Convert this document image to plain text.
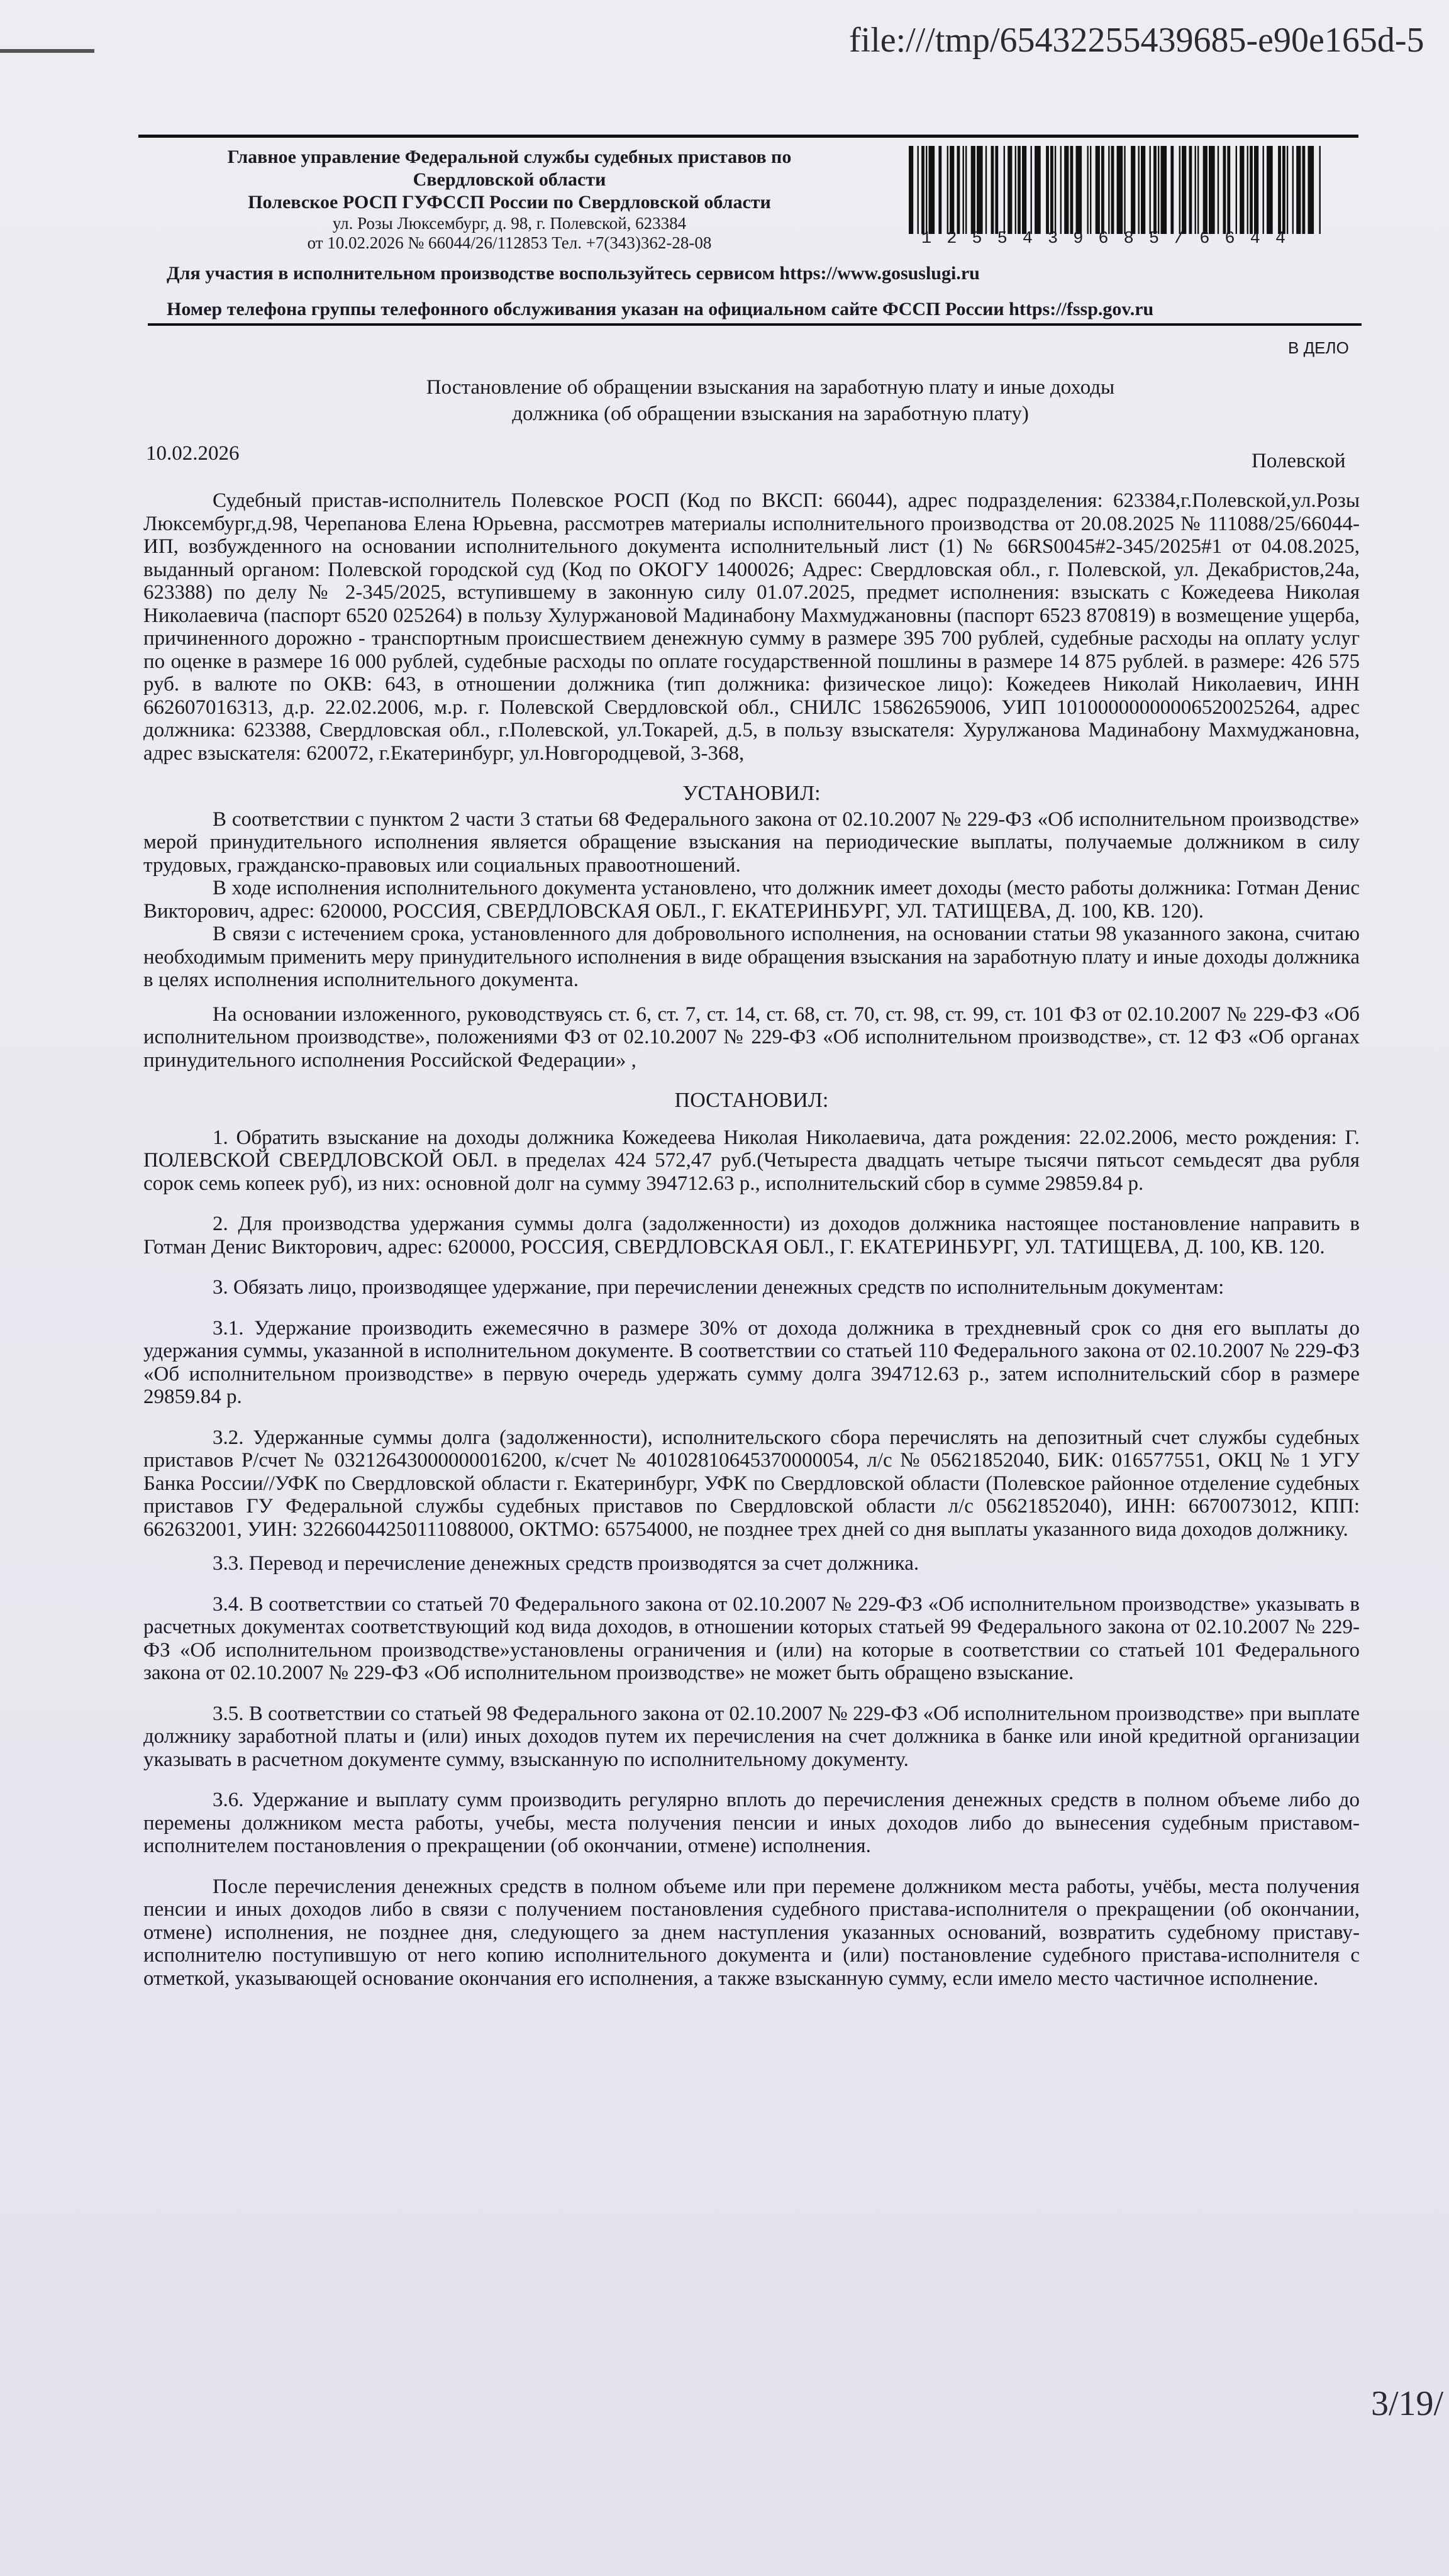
file:///tmp/65432255439685-e90e165d-5
Главное управление Федеральной службы судебных приставов по
Свердловской области
Полевское РОСП ГУФССП России по Свердловской области
ул. Розы Люксембург, д. 98, г. Полевской, 623384
от 10.02.2026 № 66044/26/112853 Тел. +7(343)362-28-08	1255439685/6644
Для участия в исполнительном производстве воспользуйтесь сервисом https://www.gosuslugi.ru
Номер телефона группы телефонного обслуживания указан на официальном сайте ФССП России https://fssp.gov.ru
В ДЕЛО
Постановление об обращении взыскания на заработную плату и иные доходы
должника (об обращении взыскания на заработную плату)
10.02.2026	Полевской

Судебный пристав-исполнитель Полевское РОСП (Код по ВКСП: 66044), адрес подразделения: 623384,г.Полевской,ул.Розы Люксембург,д.98, Черепанова Елена Юрьевна, рассмотрев материалы исполнительного производства от 20.08.2025 № 111088/25/66044-ИП, возбужденного на основании исполнительного документа исполнительный лист (1) № 66RS0045#2-345/2025#1 от 04.08.2025, выданный органом: Полевской городской суд (Код по ОКОГУ 1400026; Адрес: Свердловская обл., г. Полевской, ул. Декабристов,24а, 623388) по делу № 2-345/2025, вступившему в законную силу 01.07.2025, предмет исполнения: взыскать с Кожедеева Николая Николаевича (паспорт 6520 025264) в пользу Хулуржановой Мадинабону Махмуджановны (паспорт 6523 870819) в возмещение ущерба, причиненного дорожно - транспортным происшествием денежную сумму в размере 395 700 рублей, судебные расходы на оплату услуг по оценке в размере 16 000 рублей, судебные расходы по оплате государственной пошлины в размере 14 875 рублей. в размере: 426 575 руб. в валюте по ОКВ: 643, в отношении должника (тип должника: физическое лицо): Кожедеев Николай Николаевич, ИНН 662607016313, д.р. 22.02.2006, м.р. г. Полевской Свердловской обл., СНИЛС 15862659006, УИП 10100000000006520025264, адрес должника: 623388, Свердловская обл., г.Полевской, ул.Токарей, д.5, в пользу взыскателя: Хурулжанова Мадинабону Махмуджановна, адрес взыскателя: 620072, г.Екатеринбург, ул.Новгородцевой, 3-368,

УСТАНОВИЛ:

В соответствии с пунктом 2 части 3 статьи 68 Федерального закона от 02.10.2007 № 229-ФЗ «Об исполнительном производстве» мерой принудительного исполнения является обращение взыскания на периодические выплаты, получаемые должником в силу трудовых, гражданско-правовых или социальных правоотношений.

В ходе исполнения исполнительного документа установлено, что должник имеет доходы (место работы должника: Готман Денис Викторович, адрес: 620000, РОССИЯ, СВЕРДЛОВСКАЯ ОБЛ., Г. ЕКАТЕРИНБУРГ, УЛ. ТАТИЩЕВА, Д. 100, КВ. 120).

В связи с истечением срока, установленного для добровольного исполнения, на основании статьи 98 указанного закона, считаю необходимым применить меру принудительного исполнения в виде обращения взыскания на заработную плату и иные доходы должника в целях исполнения исполнительного документа.

На основании изложенного, руководствуясь ст. 6, ст. 7, ст. 14, ст. 68, ст. 70, ст. 98, ст. 99, ст. 101 ФЗ от 02.10.2007 № 229-ФЗ «Об исполнительном производстве», положениями ФЗ от 02.10.2007 № 229-ФЗ «Об исполнительном производстве», ст. 12 ФЗ «Об органах принудительного исполнения Российской Федерации» ,

ПОСТАНОВИЛ:

1. Обратить взыскание на доходы должника Кожедеева Николая Николаевича, дата рождения: 22.02.2006, место рождения: Г. ПОЛЕВСКОЙ СВЕРДЛОВСКОЙ ОБЛ. в пределах 424 572,47 руб.(Четыреста двадцать четыре тысячи пятьсот семьдесят два рубля сорок семь копеек руб), из них: основной долг на сумму 394712.63 р., исполнительский сбор в сумме 29859.84 р.

2. Для производства удержания суммы долга (задолженности) из доходов должника настоящее постановление направить в Готман Денис Викторович, адрес: 620000, РОССИЯ, СВЕРДЛОВСКАЯ ОБЛ., Г. ЕКАТЕРИНБУРГ, УЛ. ТАТИЩЕВА, Д. 100, КВ. 120.

3. Обязать лицо, производящее удержание, при перечислении денежных средств по исполнительным документам:

3.1. Удержание производить ежемесячно в размере 30% от дохода должника в трехдневный срок со дня его выплаты до удержания суммы, указанной в исполнительном документе. В соответствии со статьей 110 Федерального закона от 02.10.2007 № 229-ФЗ «Об исполнительном производстве» в первую очередь удержать сумму долга 394712.63 р., затем исполнительский сбор в размере 29859.84 р.

3.2. Удержанные суммы долга (задолженности), исполнительского сбора перечислять на депозитный счет службы судебных приставов Р/счет № 03212643000000016200, к/счет № 40102810645370000054, л/с № 05621852040, БИК: 016577551, ОКЦ № 1 УГУ Банка России//УФК по Свердловской области г. Екатеринбург, УФК по Свердловской области (Полевское районное отделение судебных приставов ГУ Федеральной службы судебных приставов по Свердловской области л/с 05621852040), ИНН: 6670073012, КПП: 662632001, УИН: 32266044250111088000, ОКТМО: 65754000, не позднее трех дней со дня выплаты указанного вида доходов должнику.

3.3. Перевод и перечисление денежных средств производятся за счет должника.

3.4. В соответствии со статьей 70 Федерального закона от 02.10.2007 № 229-ФЗ «Об исполнительном производстве» указывать в расчетных документах соответствующий код вида доходов, в отношении которых статьей 99 Федерального закона от 02.10.2007 № 229-ФЗ «Об исполнительном производстве»установлены ограничения и (или) на которые в соответствии со статьей 101 Федерального закона от 02.10.2007 № 229-ФЗ «Об исполнительном производстве» не может быть обращено взыскание.

3.5. В соответствии со статьей 98 Федерального закона от 02.10.2007 № 229-ФЗ «Об исполнительном производстве» при выплате должнику заработной платы и (или) иных доходов путем их перечисления на счет должника в банке или иной кредитной организации указывать в расчетном документе сумму, взысканную по исполнительному документу.

3.6. Удержание и выплату сумм производить регулярно вплоть до перечисления денежных средств в полном объеме либо до перемены должником места работы, учебы, места получения пенсии и иных доходов либо до вынесения судебным приставом-исполнителем постановления о прекращении (об окончании, отмене) исполнения.

После перечисления денежных средств в полном объеме или при перемене должником места работы, учёбы, места получения пенсии и иных доходов либо в связи с получением постановления судебного пристава-исполнителя о прекращении (об окончании, отмене) исполнения, не позднее дня, следующего за днем наступления указанных оснований, возвратить судебному приставу-исполнителю поступившую от него копию исполнительного документа и (или) постановление судебного пристава-исполнителя с отметкой, указывающей основание окончания его исполнения, а также взысканную сумму, если имело место частичное исполнение.

3/19/
